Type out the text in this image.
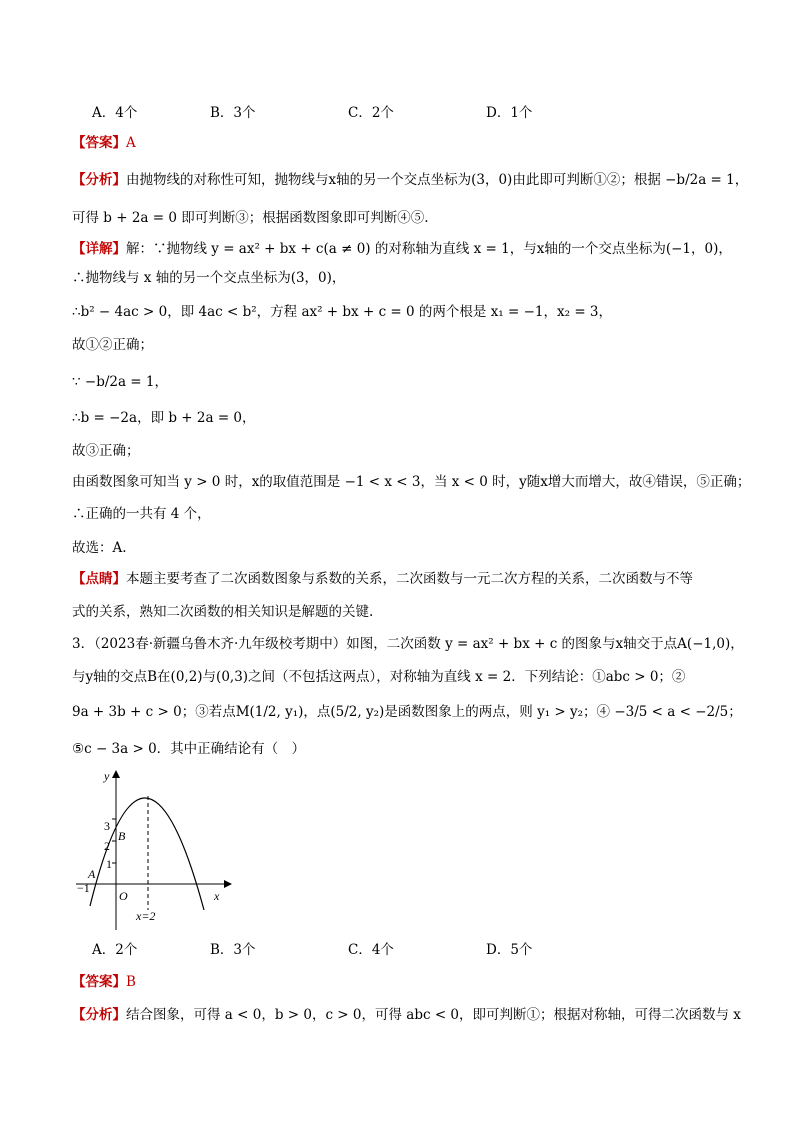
A．4个	B．3个	C．2个	D．1个
【答案】A
【分析】由抛物线的对称性可知，抛物线与x轴的另一个交点坐标为(3，0)由此即可判断①②；根据 −b/2a = 1，
可得 b + 2a = 0 即可判断③；根据函数图象即可判断④⑤.
【详解】解：∵抛物线 y = ax² + bx + c(a ≠ 0) 的对称轴为直线 x = 1，与x轴的一个交点坐标为(−1，0)，
∴抛物线与 x 轴的另一个交点坐标为(3，0)，
∴b² − 4ac > 0，即 4ac < b²，方程 ax² + bx + c = 0 的两个根是 x₁ = −1，x₂ = 3，
故①②正确；
∵ −b/2a = 1，
∴b = −2a，即 b + 2a = 0，
故③正确；
由函数图象可知当 y > 0 时，x的取值范围是 −1 < x < 3，当 x < 0 时，y随x增大而增大，故④错误，⑤正确；
∴正确的一共有 4 个，
故选：A.
【点睛】本题主要考查了二次函数图象与系数的关系，二次函数与一元二次方程的关系，二次函数与不等
式的关系，熟知二次函数的相关知识是解题的关键.
3．（2023春·新疆乌鲁木齐·九年级校考期中）如图，二次函数 y = ax² + bx + c 的图象与x轴交于点A(−1,0)，
与y轴的交点B在(0,2)与(0,3)之间（不包括这两点），对称轴为直线 x = 2．下列结论：①abc > 0；②
9a + 3b + c > 0；③若点M(1/2, y₁)，点(5/2, y₂)是函数图象上的两点，则 y₁ > y₂；④ −3/5 < a < −2/5；
⑤c − 3a > 0．其中正确结论有（　）
y
x
O
A
B
1
2
3
−1
x=2
A．2个	B．3个	C．4个	D．5个
【答案】B
【分析】结合图象，可得 a < 0，b > 0，c > 0，可得 abc < 0，即可判断①；根据对称轴，可得二次函数与 x
